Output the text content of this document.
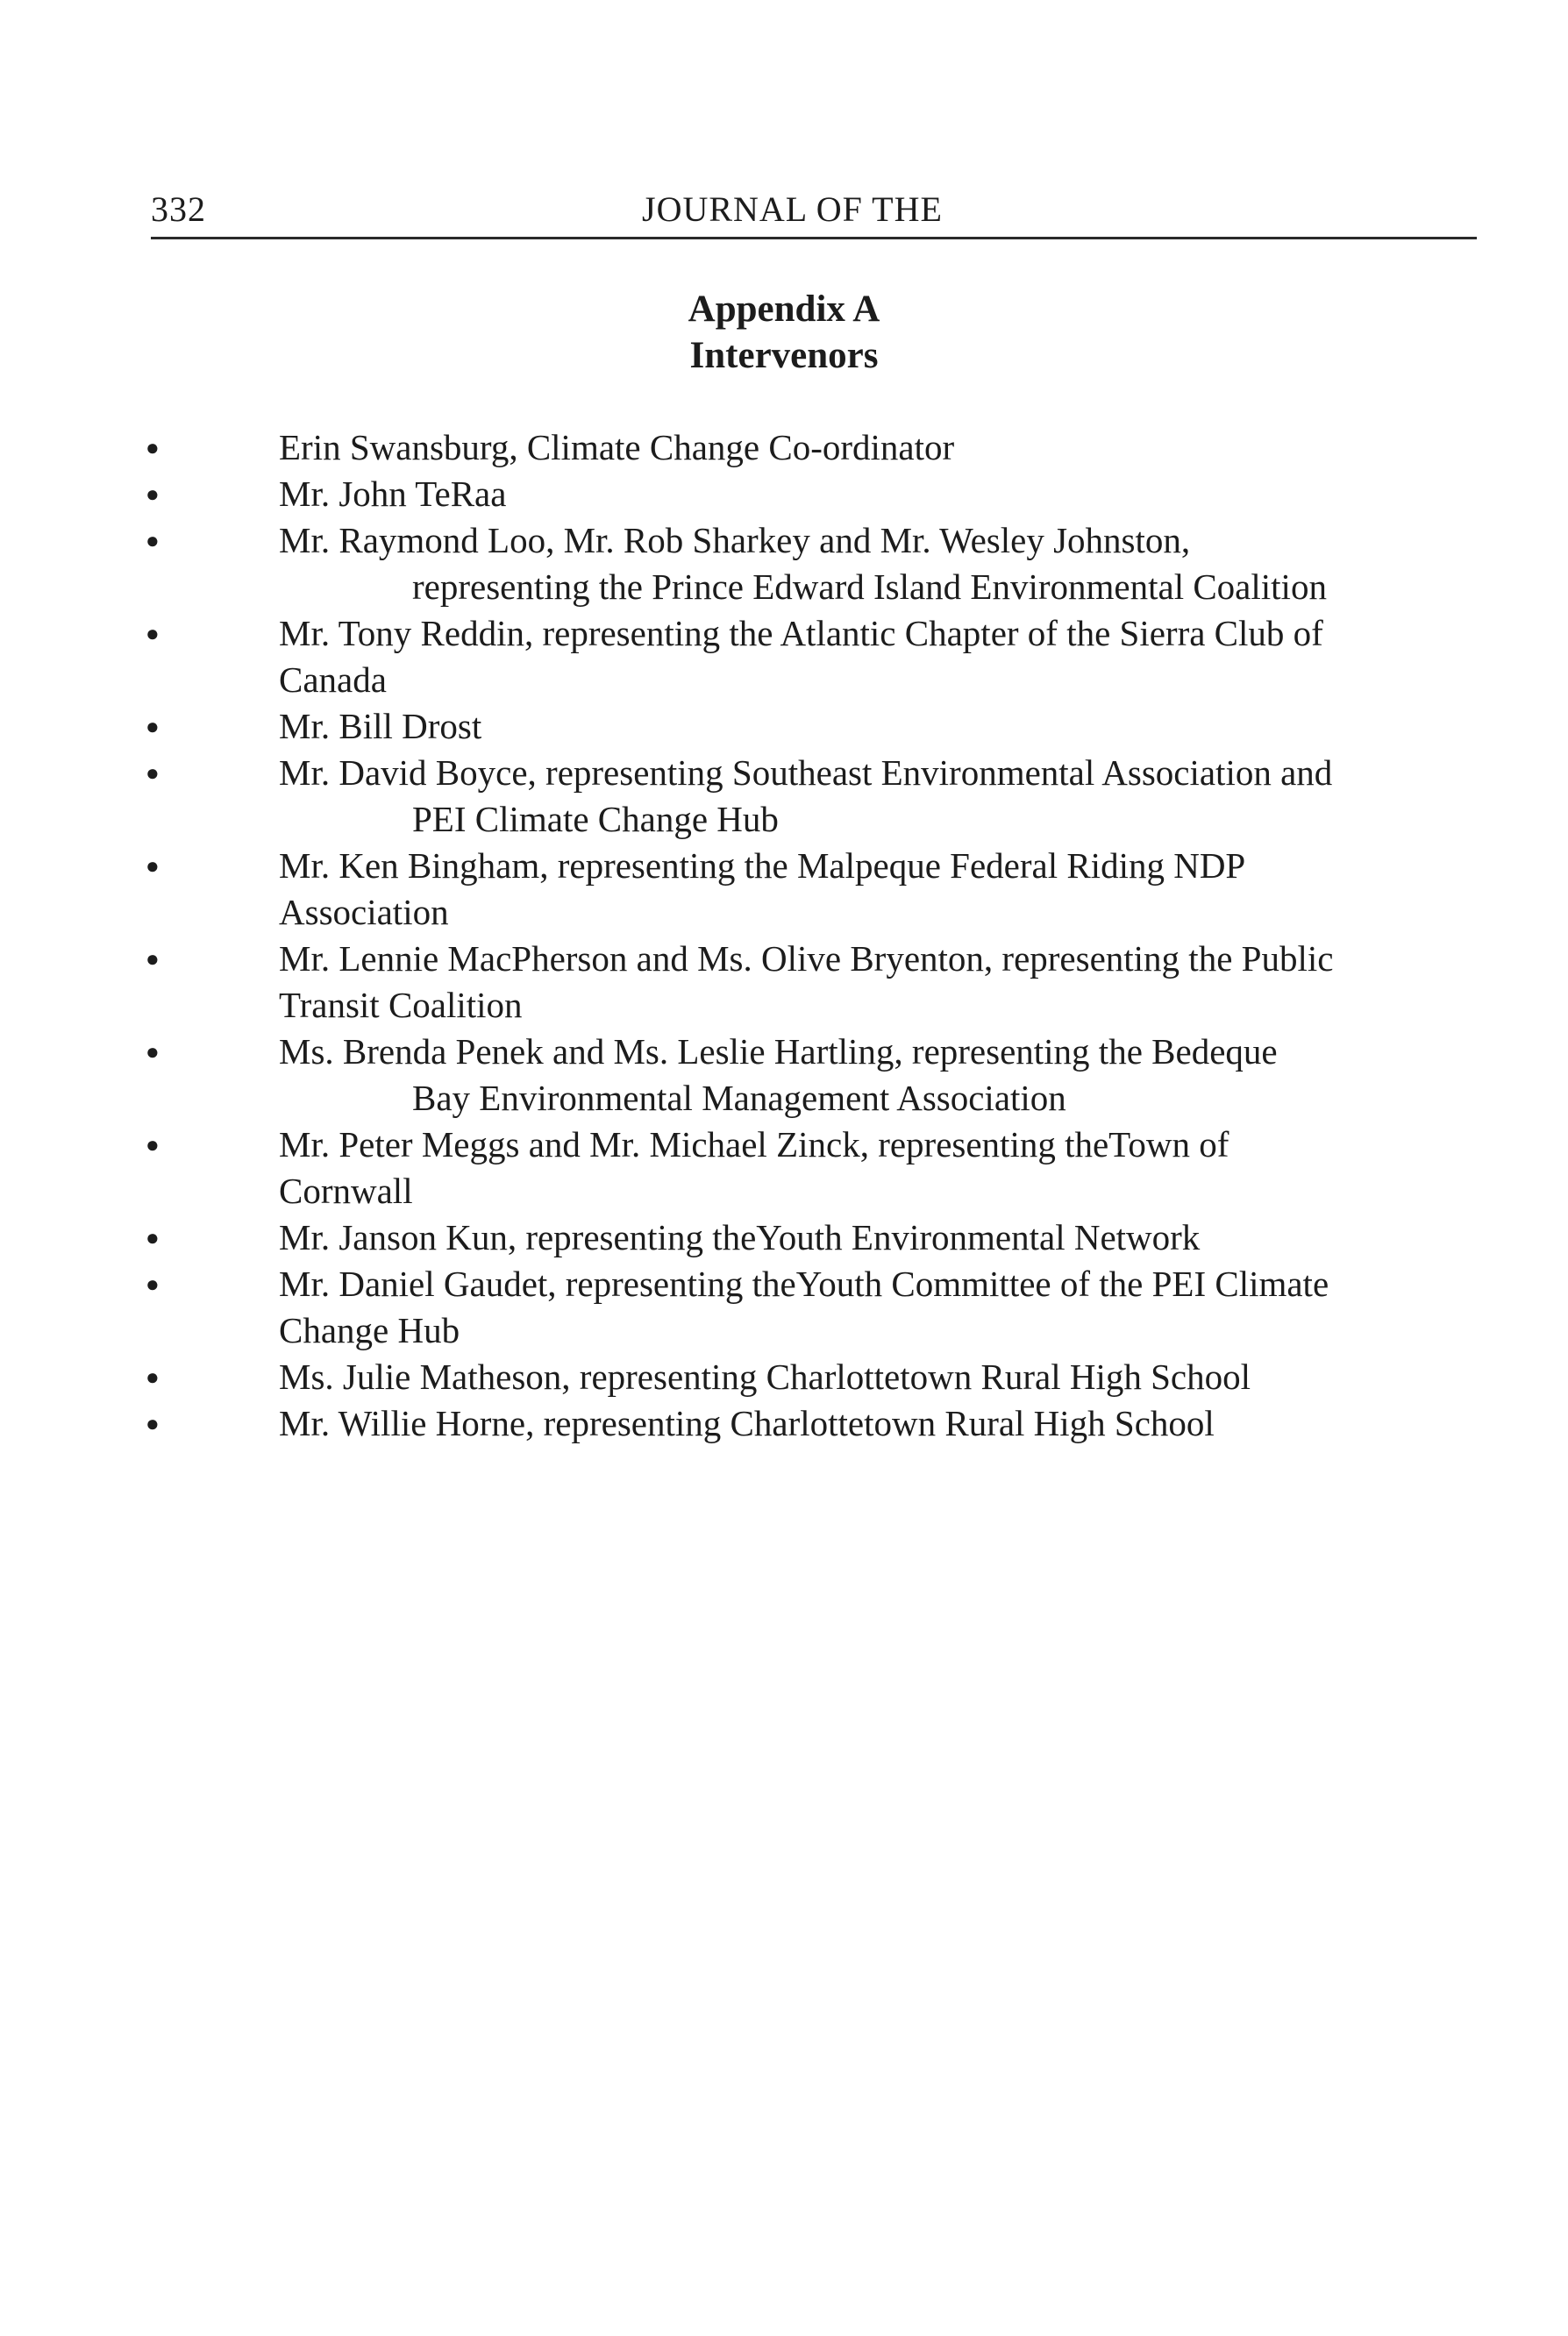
332	JOURNAL OF THE
Appendix A
Intervenors
●	Erin Swansburg, Climate Change Co-ordinator
●	Mr. John TeRaa
●	Mr. Raymond Loo, Mr. Rob Sharkey and Mr. Wesley Johnston,
representing the Prince Edward Island Environmental Coalition
●	Mr. Tony Reddin, representing the Atlantic Chapter of the Sierra Club of
Canada
●	Mr. Bill Drost
●	Mr. David Boyce, representing Southeast Environmental Association and
PEI Climate Change Hub
●	Mr. Ken Bingham, representing the Malpeque Federal Riding NDP
Association
●	Mr. Lennie MacPherson and Ms. Olive Bryenton, representing the Public
Transit Coalition
●	Ms. Brenda Penek and Ms. Leslie Hartling, representing the Bedeque
Bay Environmental Management Association
●	Mr. Peter Meggs and Mr. Michael Zinck, representing theTown of
Cornwall
●	Mr. Janson Kun, representing theYouth Environmental Network
●	Mr. Daniel Gaudet, representing theYouth Committee of the PEI Climate
Change Hub
●	Ms. Julie Matheson, representing Charlottetown Rural High School
●	Mr. Willie Horne, representing Charlottetown Rural High School
